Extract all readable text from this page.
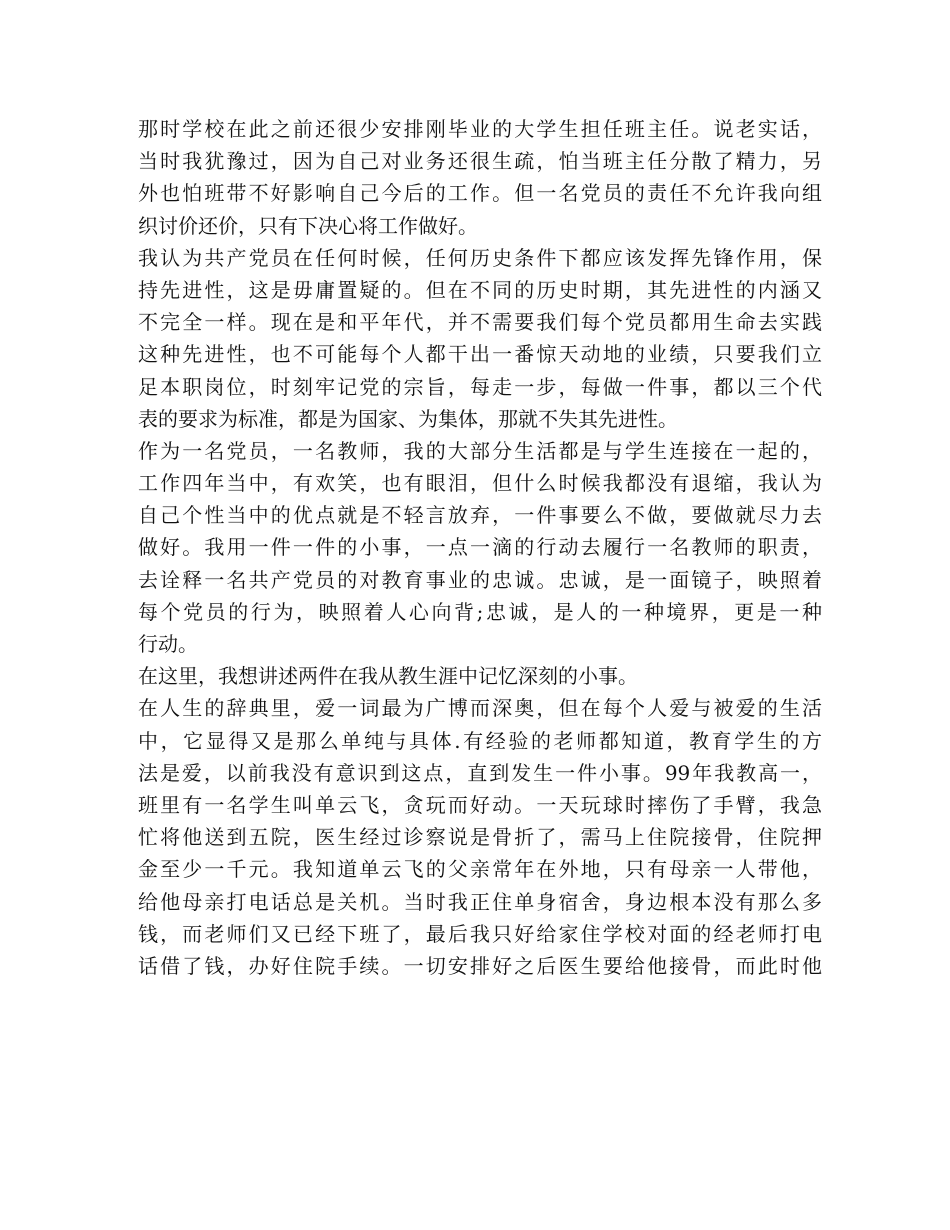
那时学校在此之前还很少安排刚毕业的大学生担任班主任。说老实话，
当时我犹豫过，因为自己对业务还很生疏，怕当班主任分散了精力，另
外也怕班带不好影响自己今后的工作。但一名党员的责任不允许我向组
织讨价还价，只有下决心将工作做好。
我认为共产党员在任何时候，任何历史条件下都应该发挥先锋作用，保
持先进性，这是毋庸置疑的。但在不同的历史时期，其先进性的内涵又
不完全一样。现在是和平年代，并不需要我们每个党员都用生命去实践
这种先进性，也不可能每个人都干出一番惊天动地的业绩，只要我们立
足本职岗位，时刻牢记党的宗旨，每走一步，每做一件事，都以三个代
表的要求为标准，都是为国家、为集体，那就不失其先进性。
作为一名党员，一名教师，我的大部分生活都是与学生连接在一起的，
工作四年当中，有欢笑，也有眼泪，但什么时候我都没有退缩，我认为
自己个性当中的优点就是不轻言放弃，一件事要么不做，要做就尽力去
做好。我用一件一件的小事，一点一滴的行动去履行一名教师的职责，
去诠释一名共产党员的对教育事业的忠诚。忠诚，是一面镜子，映照着
每个党员的行为，映照着人心向背;忠诚，是人的一种境界，更是一种
行动。
在这里，我想讲述两件在我从教生涯中记忆深刻的小事。
在人生的辞典里，爱一词最为广博而深奥，但在每个人爱与被爱的生活
中，它显得又是那么单纯与具体.有经验的老师都知道，教育学生的方
法是爱，以前我没有意识到这点，直到发生一件小事。99年我教高一，
班里有一名学生叫单云飞，贪玩而好动。一天玩球时摔伤了手臂，我急
忙将他送到五院，医生经过诊察说是骨折了，需马上住院接骨，住院押
金至少一千元。我知道单云飞的父亲常年在外地，只有母亲一人带他，
给他母亲打电话总是关机。当时我正住单身宿舍，身边根本没有那么多
钱，而老师们又已经下班了，最后我只好给家住学校对面的经老师打电
话借了钱，办好住院手续。一切安排好之后医生要给他接骨，而此时他
